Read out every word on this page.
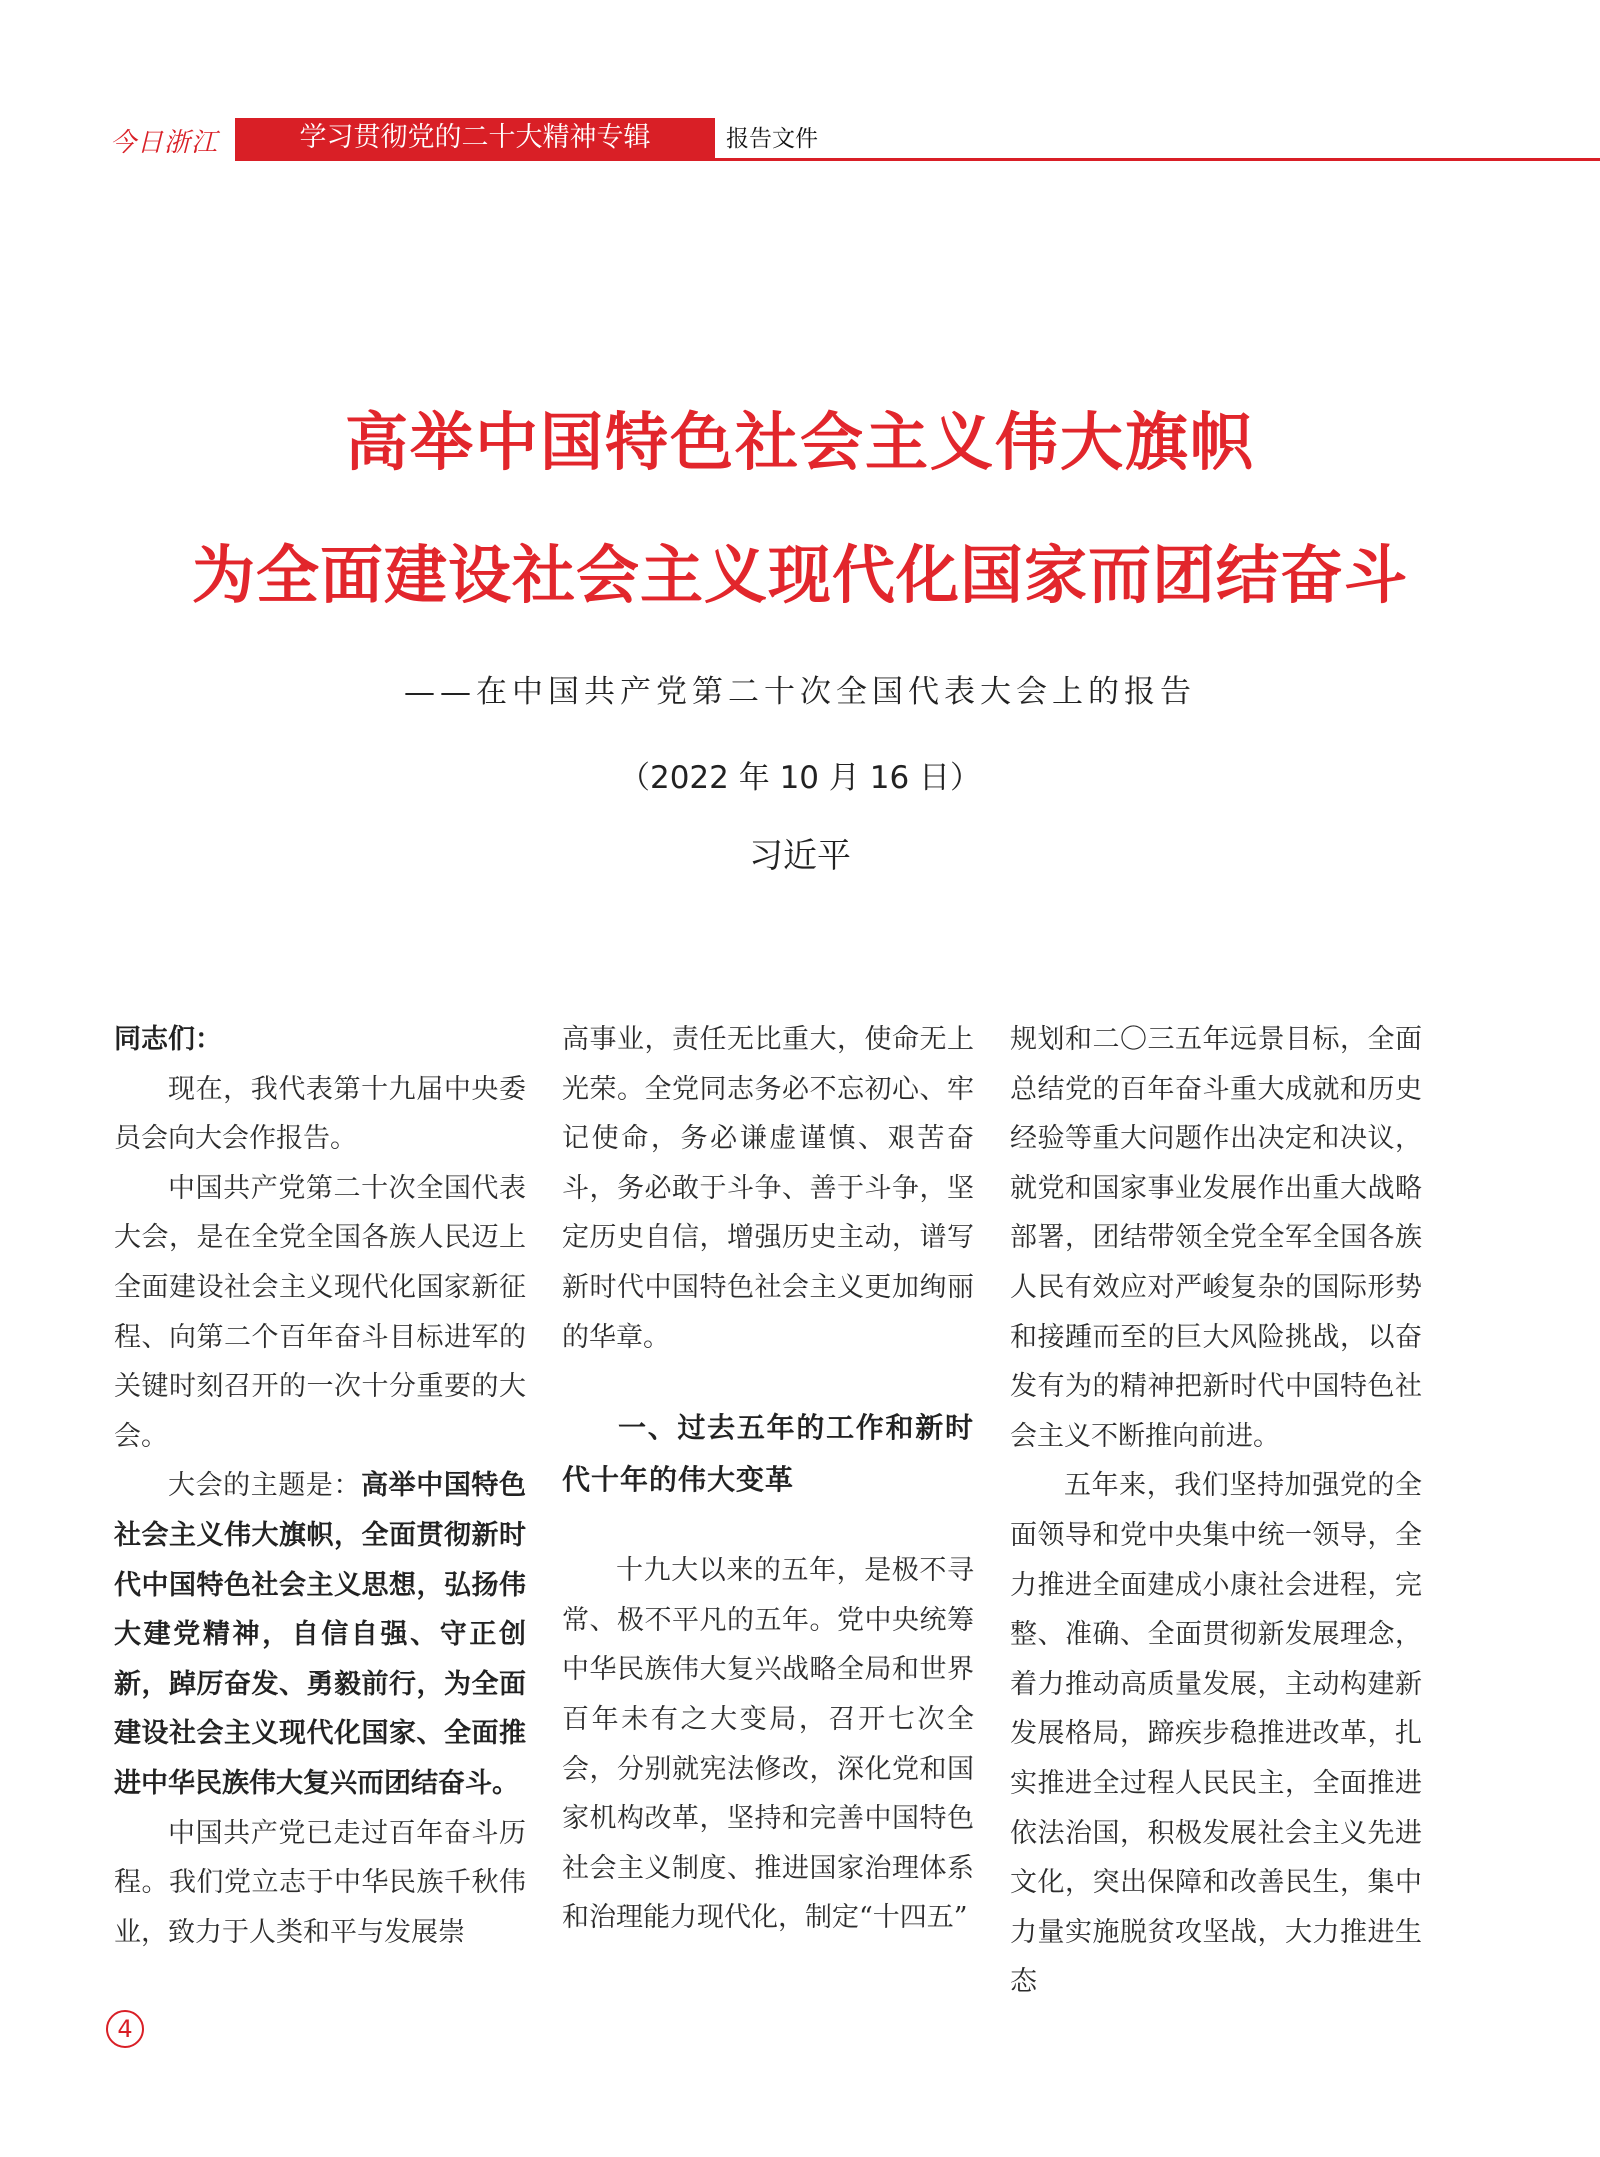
今日浙江	学习贯彻党的二十大精神专辑	报告文件
高举中国特色社会主义伟大旗帜
为全面建设社会主义现代化国家而团结奋斗
——在中国共产党第二十次全国代表大会上的报告
（2022 年 10 月 16 日）
习近平

同志们：

现在，我代表第十九届中央委员会向大会作报告。

中国共产党第二十次全国代表大会，是在全党全国各族人民迈上全面建设社会主义现代化国家新征程、向第二个百年奋斗目标进军的关键时刻召开的一次十分重要的大会。

大会的主题是：高举中国特色社会主义伟大旗帜，全面贯彻新时代中国特色社会主义思想，弘扬伟大建党精神，自信自强、守正创新，踔厉奋发、勇毅前行，为全面建设社会主义现代化国家、全面推进中华民族伟大复兴而团结奋斗。

中国共产党已走过百年奋斗历程。我们党立志于中华民族千秋伟业，致力于人类和平与发展崇

高事业，责任无比重大，使命无上光荣。全党同志务必不忘初心、牢记使命，务必谦虚谨慎、艰苦奋斗，务必敢于斗争、善于斗争，坚定历史自信，增强历史主动，谱写新时代中国特色社会主义更加绚丽的华章。

一、过去五年的工作和新时代十年的伟大变革

十九大以来的五年，是极不寻常、极不平凡的五年。党中央统筹中华民族伟大复兴战略全局和世界百年未有之大变局，召开七次全会，分别就宪法修改，深化党和国家机构改革，坚持和完善中国特色社会主义制度、推进国家治理体系和治理能力现代化，制定“十四五”

规划和二〇三五年远景目标，全面总结党的百年奋斗重大成就和历史经验等重大问题作出决定和决议，就党和国家事业发展作出重大战略部署，团结带领全党全军全国各族人民有效应对严峻复杂的国际形势和接踵而至的巨大风险挑战，以奋发有为的精神把新时代中国特色社会主义不断推向前进。

五年来，我们坚持加强党的全面领导和党中央集中统一领导，全力推进全面建成小康社会进程，完整、准确、全面贯彻新发展理念，着力推动高质量发展，主动构建新发展格局，蹄疾步稳推进改革，扎实推进全过程人民民主，全面推进依法治国，积极发展社会主义先进文化，突出保障和改善民生，集中力量实施脱贫攻坚战，大力推进生态

4
